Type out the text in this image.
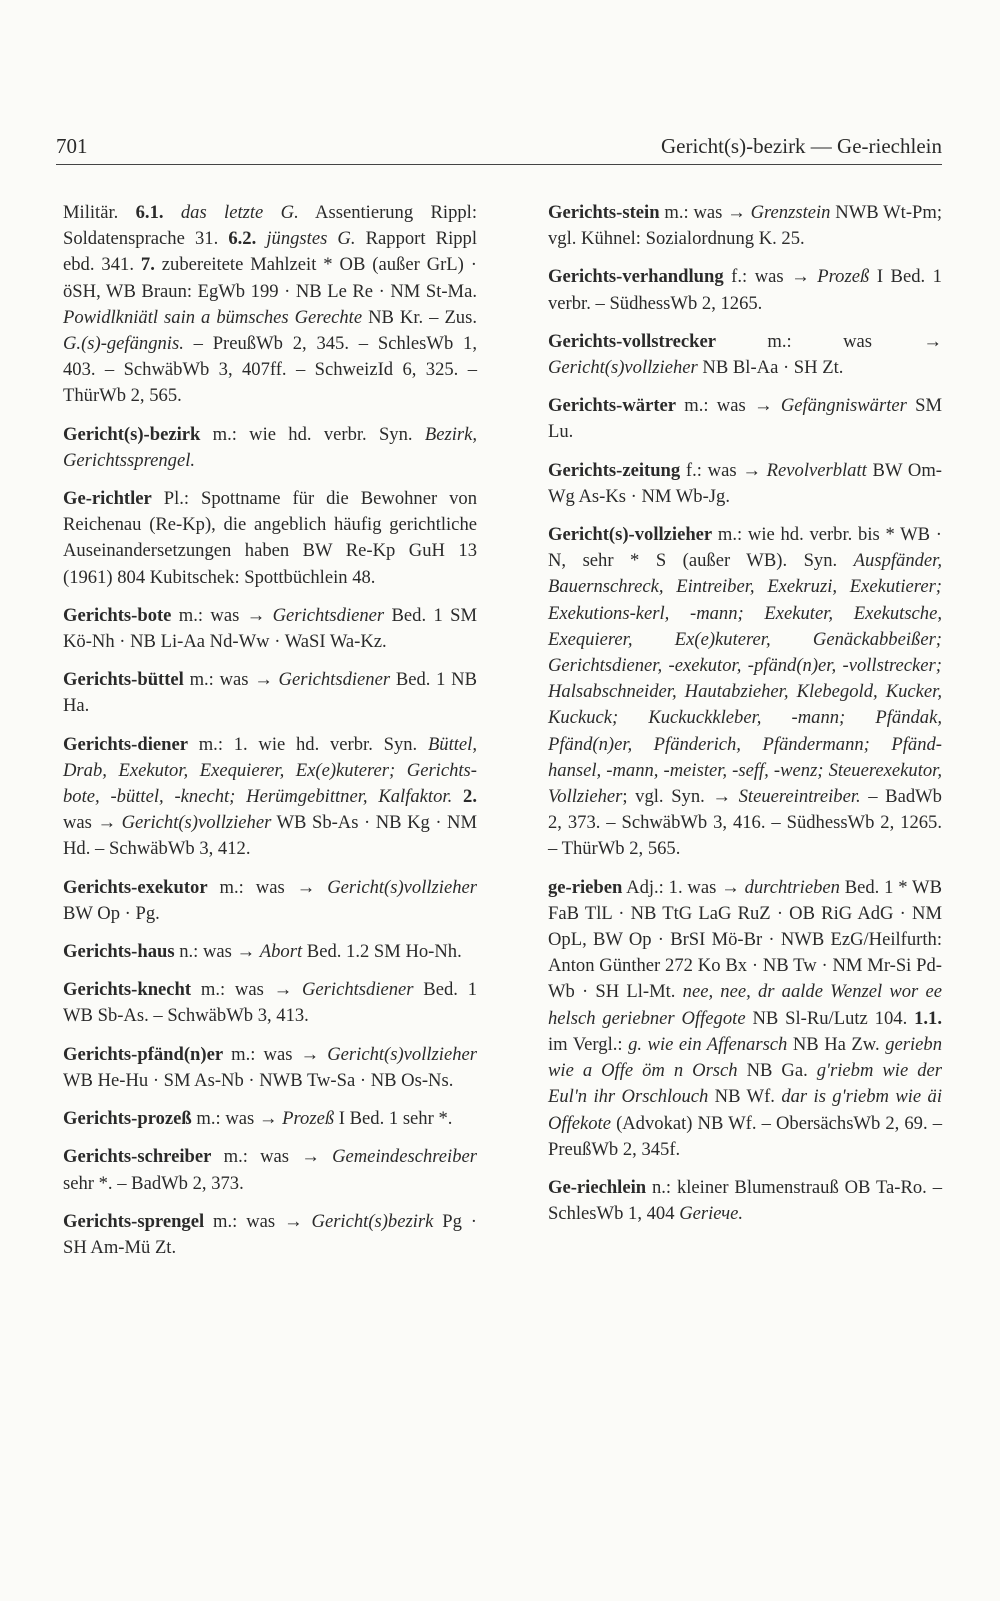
701	Gericht(s)-bezirk — Ge-riechlein

Militär. 6.1. das letzte G. Assentierung Rippl: Soldatensprache 31. 6.2. jüngstes G. Rapport Rippl ebd. 341. 7. zubereitete Mahlzeit * OB (außer GrL) · öSH, WB Braun: EgWb 199 · NB Le Re · NM St-Ma. Powidlkniätl sain a bümsches Gerechte NB Kr. – Zus. G.(s)-gefängnis. – PreußWb 2, 345. – SchlesWb 1, 403. – SchwäbWb 3, 407ff. – SchweizId 6, 325. – ThürWb 2, 565.

Gericht(s)-bezirk m.: wie hd. verbr. Syn. Bezirk, Gerichtssprengel.

Ge-richtler Pl.: Spottname für die Bewohner von Reichenau (Re-Kp), die angeblich häufig gerichtliche Auseinandersetzungen haben BW Re-Kp GuH 13 (1961) 804 Kubitschek: Spottbüchlein 48.

Gerichts-bote m.: was → Gerichtsdiener Bed. 1 SM Kö-Nh · NB Li-Aa Nd-Ww · WaSI Wa-Kz.

Gerichts-büttel m.: was → Gerichtsdiener Bed. 1 NB Ha.

Gerichts-diener m.: 1. wie hd. verbr. Syn. Büttel, Drab, Exekutor, Exequierer, Ex(e)kuterer; Gerichts-bote, -büttel, -knecht; Herümgebittner, Kalfaktor. 2. was → Gericht(s)vollzieher WB Sb-As · NB Kg · NM Hd. – SchwäbWb 3, 412.

Gerichts-exekutor m.: was → Gericht(s)vollzieher BW Op · Pg.

Gerichts-haus n.: was → Abort Bed. 1.2 SM Ho-Nh.

Gerichts-knecht m.: was → Gerichtsdiener Bed. 1 WB Sb-As. – SchwäbWb 3, 413.

Gerichts-pfänd(n)er m.: was → Gericht(s)vollzieher WB He-Hu · SM As-Nb · NWB Tw-Sa · NB Os-Ns.

Gerichts-prozeß m.: was → Prozeß I Bed. 1 sehr *.

Gerichts-schreiber m.: was → Gemeindeschreiber sehr *. – BadWb 2, 373.

Gerichts-sprengel m.: was → Gericht(s)bezirk Pg · SH Am-Mü Zt.

Gerichts-stein m.: was → Grenzstein NWB Wt-Pm; vgl. Kühnel: Sozialordnung K. 25.

Gerichts-verhandlung f.: was → Prozeß I Bed. 1 verbr. – SüdhessWb 2, 1265.

Gerichts-vollstrecker m.: was → Gericht(s)vollzieher NB Bl-Aa · SH Zt.

Gerichts-wärter m.: was → Gefängniswärter SM Lu.

Gerichts-zeitung f.: was → Revolverblatt BW Om-Wg As-Ks · NM Wb-Jg.

Gericht(s)-vollzieher m.: wie hd. verbr. bis * WB · N, sehr * S (außer WB). Syn. Auspfänder, Bauernschreck, Eintreiber, Exekruzi, Exekutierer; Exekutions-kerl, -mann; Exekuter, Exekutsche, Exequierer, Ex(e)kuterer, Genäckabbeißer; Gerichtsdiener, -exekutor, -pfänd(n)er, -vollstrecker; Halsabschneider, Hautabzieher, Klebegold, Kucker, Kuckuck; Kuckuckkleber, -mann; Pfändak, Pfänd(n)er, Pfänderich, Pfändermann; Pfänd-hansel, -mann, -meister, -seff, -wenz; Steuerexekutor, Vollzieher; vgl. Syn. → Steuereintreiber. – BadWb 2, 373. – SchwäbWb 3, 416. – SüdhessWb 2, 1265. – ThürWb 2, 565.

ge-rieben Adj.: 1. was → durchtrieben Bed. 1 * WB FaB TlL · NB TtG LaG RuZ · OB RiG AdG · NM OpL, BW Op · BrSI Mö-Br · NWB EzG/Heilfurth: Anton Günther 272 Ko Bx · NB Tw · NM Mr-Si Pd-Wb · SH Ll-Mt. nee, nee, dr aalde Wenzel wor ee helsch geriebner Offegote NB Sl-Ru/Lutz 104. 1.1. im Vergl.: g. wie ein Affenarsch NB Ha Zw. geriebn wie a Offe öm n Orsch NB Ga. g'riebm wie der Eul'n ihr Orschlouch NB Wf. dar is g'riebm wie äi Offekote (Advokat) NB Wf. – ObersächsWb 2, 69. – PreußWb 2, 345f.

Ge-riechlein n.: kleiner Blumenstrauß OB Ta-Ro. – SchlesWb 1, 404 Geriече.
